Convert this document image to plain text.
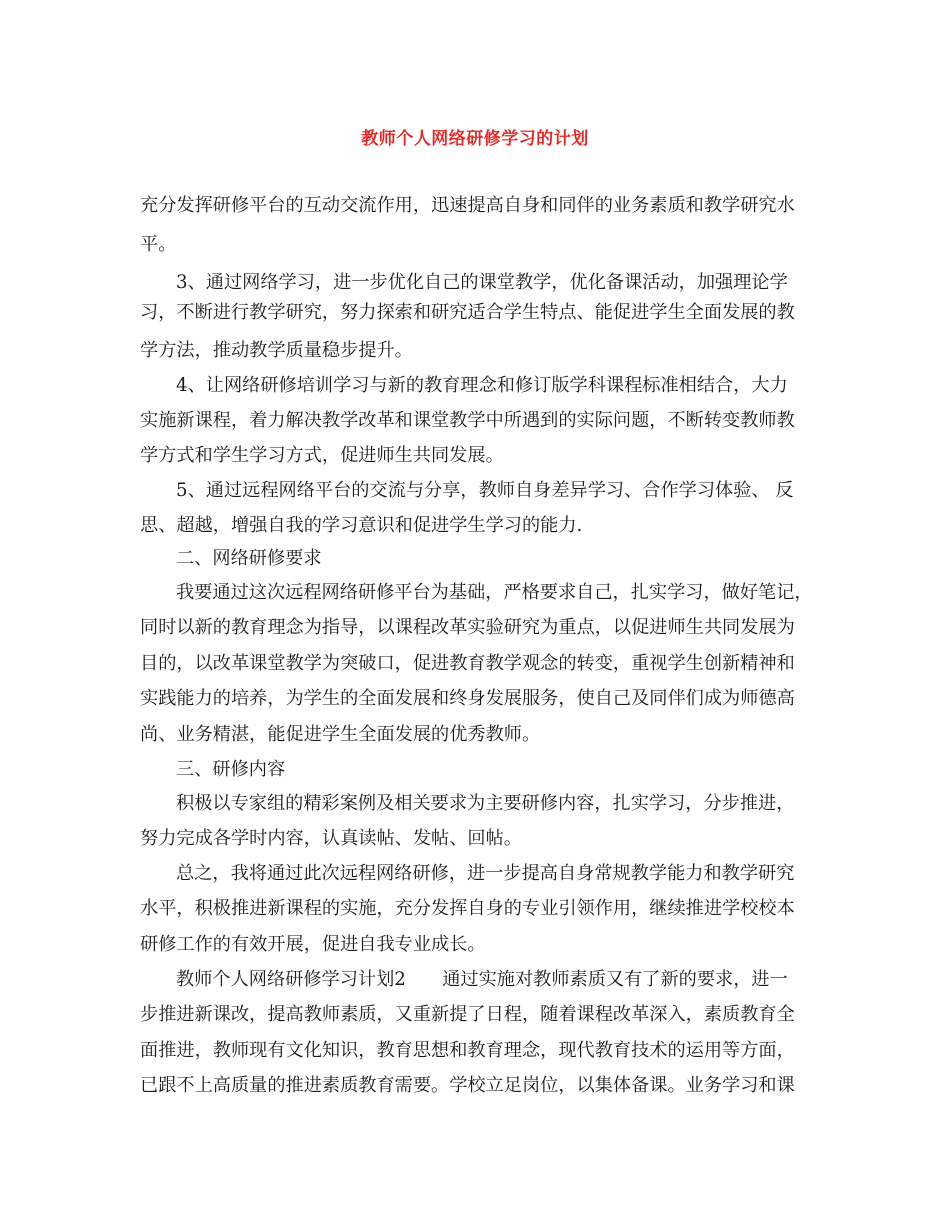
教师个人网络研修学习的计划
充分发挥研修平台的互动交流作用，迅速提高自身和同伴的业务素质和教学研究水
平。
3、通过网络学习，进一步优化自己的课堂教学，优化备课活动，加强理论学
习，不断进行教学研究，努力探索和研究适合学生特点、能促进学生全面发展的教
学方法，推动教学质量稳步提升。
4、让网络研修培训学习与新的教育理念和修订版学科课程标准相结合，大力
实施新课程，着力解决教学改革和课堂教学中所遇到的实际问题，不断转变教师教
学方式和学生学习方式，促进师生共同发展。
5、通过远程网络平台的交流与分享，教师自身差异学习、合作学习体验、 反
思、超越，增强自我的学习意识和促进学生学习的能力.
二、网络研修要求
我要通过这次远程网络研修平台为基础，严格要求自己，扎实学习，做好笔记，
同时以新的教育理念为指导，以课程改革实验研究为重点，以促进师生共同发展为
目的，以改革课堂教学为突破口，促进教育教学观念的转变，重视学生创新精神和
实践能力的培养，为学生的全面发展和终身发展服务，使自己及同伴们成为师德高
尚、业务精湛，能促进学生全面发展的优秀教师。
三、研修内容
积极以专家组的精彩案例及相关要求为主要研修内容，扎实学习，分步推进，
努力完成各学时内容，认真读帖、发帖、回帖。
总之，我将通过此次远程网络研修，进一步提高自身常规教学能力和教学研究
水平，积极推进新课程的实施，充分发挥自身的专业引领作用，继续推进学校校本
研修工作的有效开展，促进自我专业成长。
教师个人网络研修学习计划2　　通过实施对教师素质又有了新的要求，进一
步推进新课改，提高教师素质，又重新提了日程，随着课程改革深入，素质教育全
面推进，教师现有文化知识，教育思想和教育理念，现代教育技术的运用等方面，
已跟不上高质量的推进素质教育需要。学校立足岗位，以集体备课。业务学习和课
